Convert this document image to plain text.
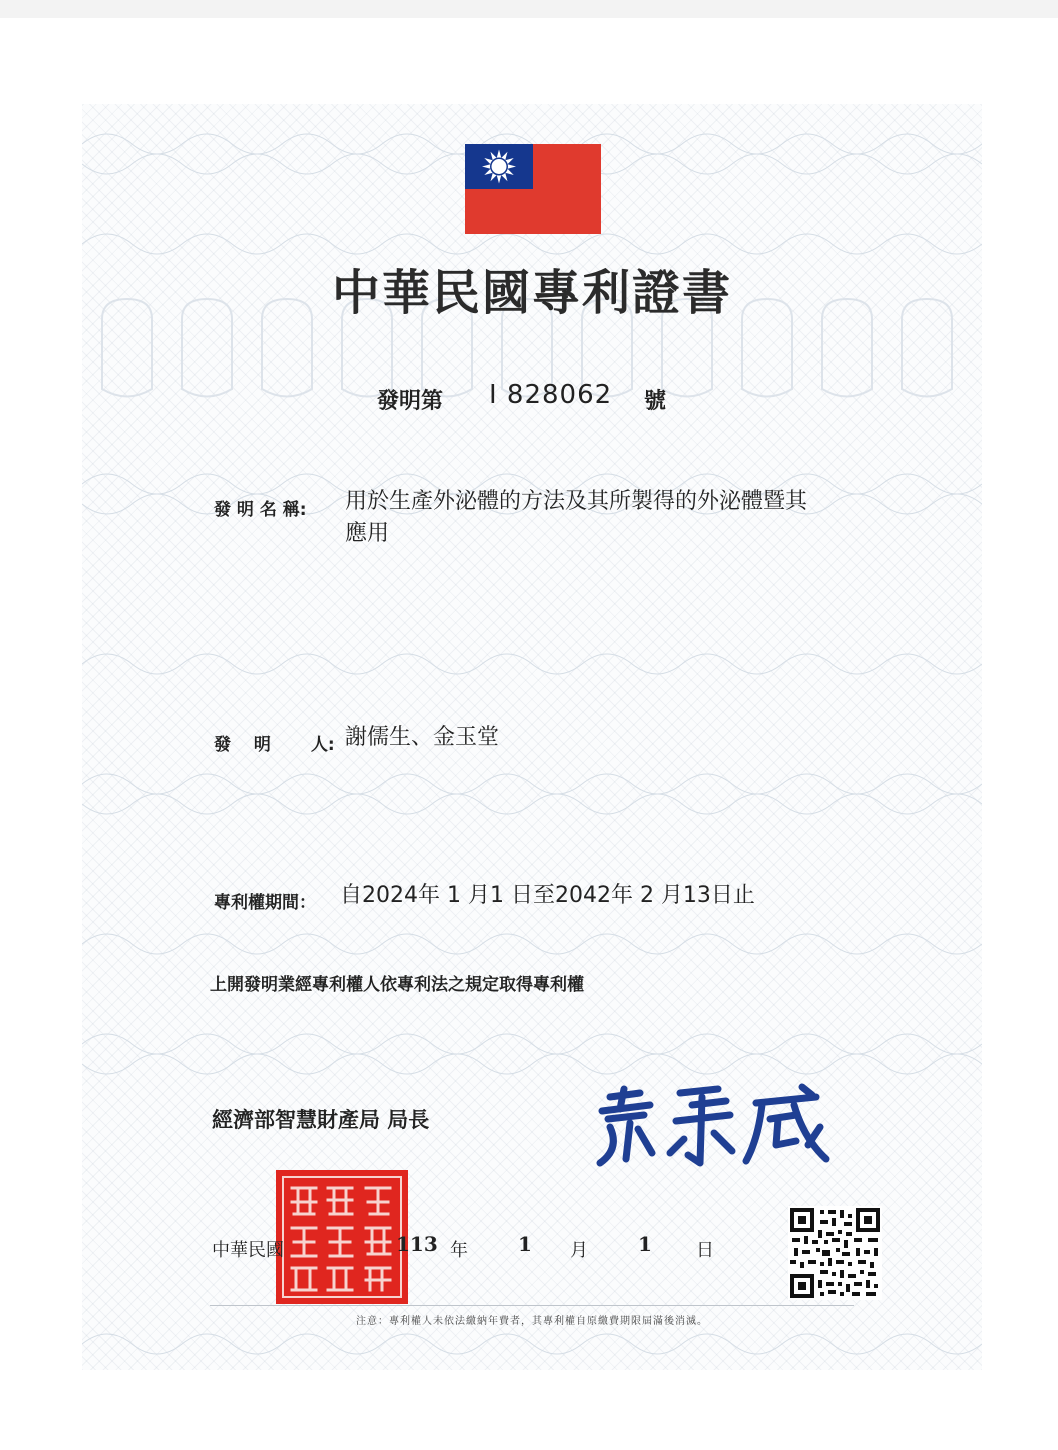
中華民國專利證書
發明第 I 828062 號
發 明 名 稱: 用於生產外泌體的方法及其所製得的外泌體暨其
應用
發　 明　 　人: 謝儒生、金玉堂
專利權期間： 自2024年 1 月1 日至2042年 2 月13日止
上開發明業經專利權人依專利法之規定取得專利權
經濟部智慧財產局 局長
中華民國	113 年	1 月	1 日
注意：專利權人未依法繳納年費者，其專利權自原繳費期限屆滿後消滅。
